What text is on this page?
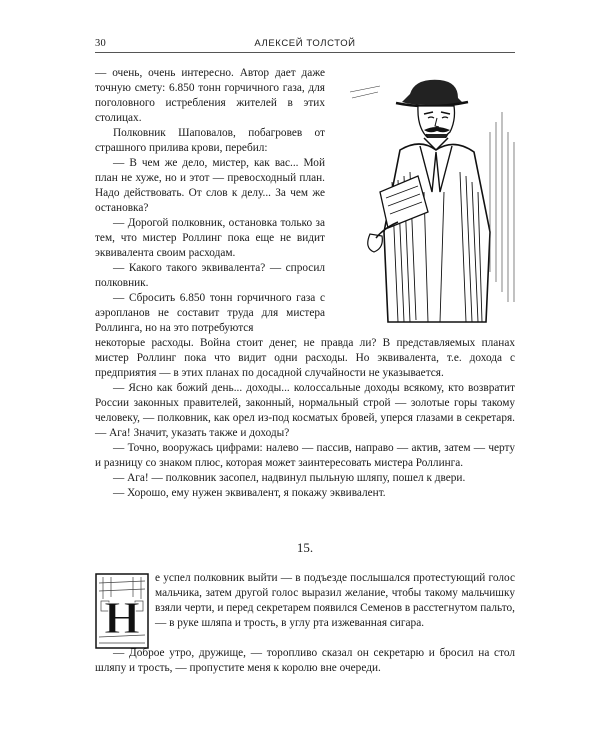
30	АЛЕКСЕЙ ТОЛСТОЙ

— очень, очень интересно. Автор дает даже точную смету: 6.850 тонн горчичного газа, для поголовного истребления жителей в этих столицах.

Полковник Шаповалов, побагровев от страшного прилива крови, перебил:

— В чем же дело, мистер, как вас... Мой план не хуже, но и этот — превосходный план. Надо действовать. От слов к делу... За чем же остановка?

— Дорогой полковник, остановка только за тем, что мистер Роллинг пока еще не видит эквивалента своим расходам.

— Какого такого эквивалента? — спросил полковник.

— Сбросить 6.850 тонн горчичного газа с аэропланов не составит труда для мистера Роллинга, но на это потребуются

некоторые расходы. Война стоит денег, не правда ли? В представляемых планах мистер Роллинг пока что видит одни расходы. Но эквивалента, т.е. дохода с предприятия — в этих планах по досадной случайности не указывается.

— Ясно как божий день... доходы... колоссальные доходы всякому, кто возвратит России законных правителей, законный, нормальный строй — золотые горы такому человеку, — полковник, как орел из-под косматых бровей, уперся глазами в секретаря. — Ага! Значит, указать также и доходы?

— Точно, вооружась цифрами: налево — пассив, направо — актив, затем — черту и разницу со знаком плюс, которая может заинтересовать мистера Роллинга.

— Ага! — полковник засопел, надвинул пыльную шляпу, пошел к двери.

— Хорошо, ему нужен эквивалент, я покажу эквивалент.

15.
Н

е успел полковник выйти — в подъезде послышался протестующий голос мальчика, затем другой голос выразил желание, чтобы такому мальчишку взяли черти, и перед секретарем появился Семенов в расстегнутом пальто, — в руке шляпа и трость, в углу рта изжеванная сигара.

— Доброе утро, дружище, — торопливо сказал он секретарю и бросил на стол шляпу и трость, — пропустите меня к королю вне очереди.
